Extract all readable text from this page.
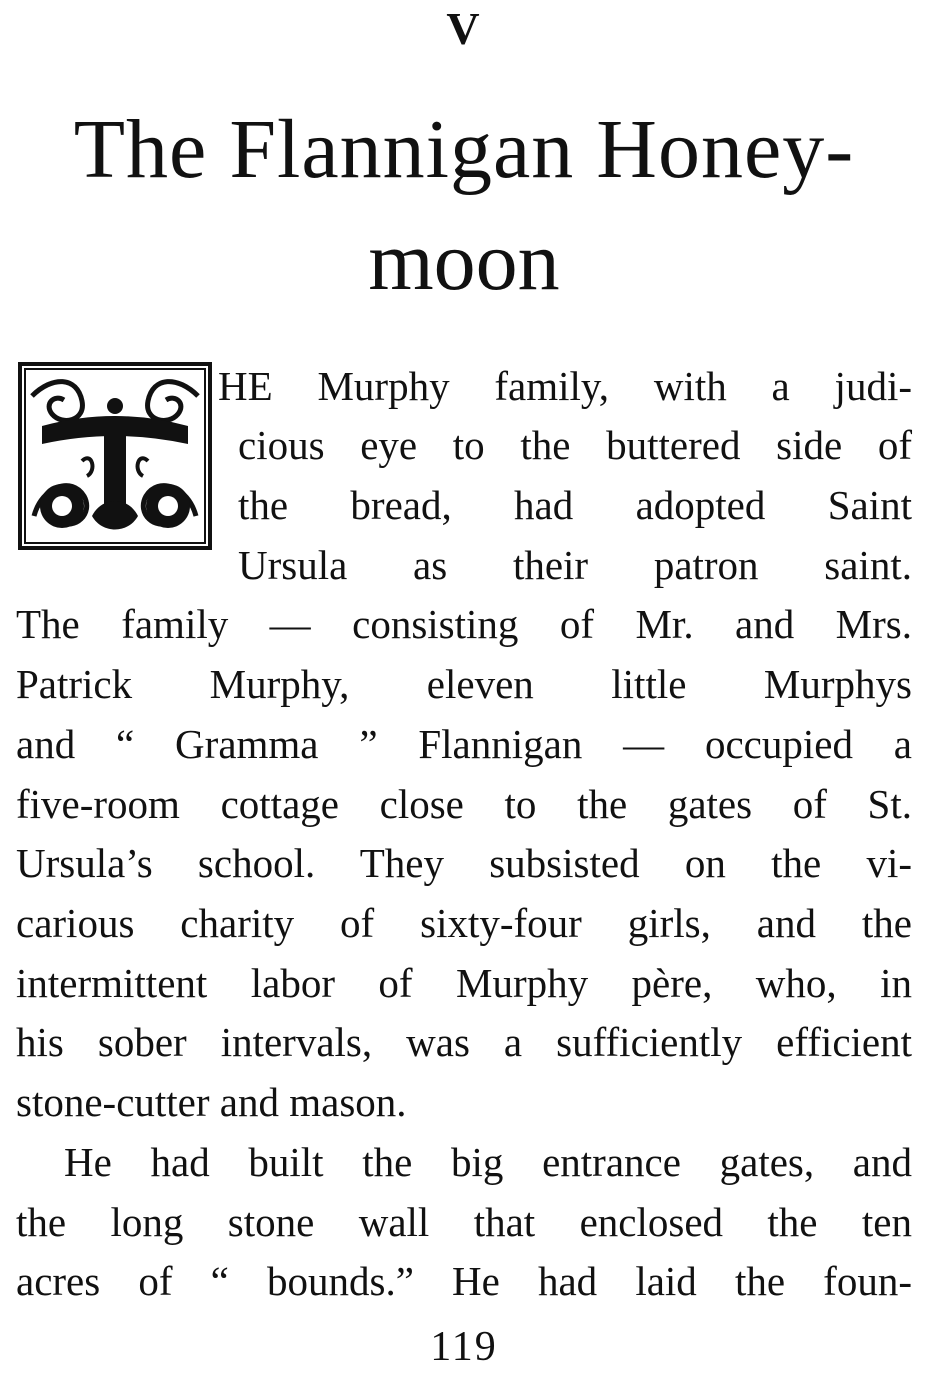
V
The Flannigan Honey-
moon

HE Murphy family, with a judi-

cious eye to the buttered side of

the bread, had adopted Saint

Ursula as their patron saint.

The family — consisting of Mr. and Mrs.

Patrick Murphy, eleven little Murphys

and “ Gramma ” Flannigan — occupied a

five-room cottage close to the gates of St.

Ursula’s school. They subsisted on the vi-

carious charity of sixty-four girls, and the

intermittent labor of Murphy père, who, in

his sober intervals, was a sufficiently efficient

stone-cutter and mason.

He had built the big entrance gates, and

the long stone wall that enclosed the ten

acres of “ bounds.” He had laid the foun-

119
